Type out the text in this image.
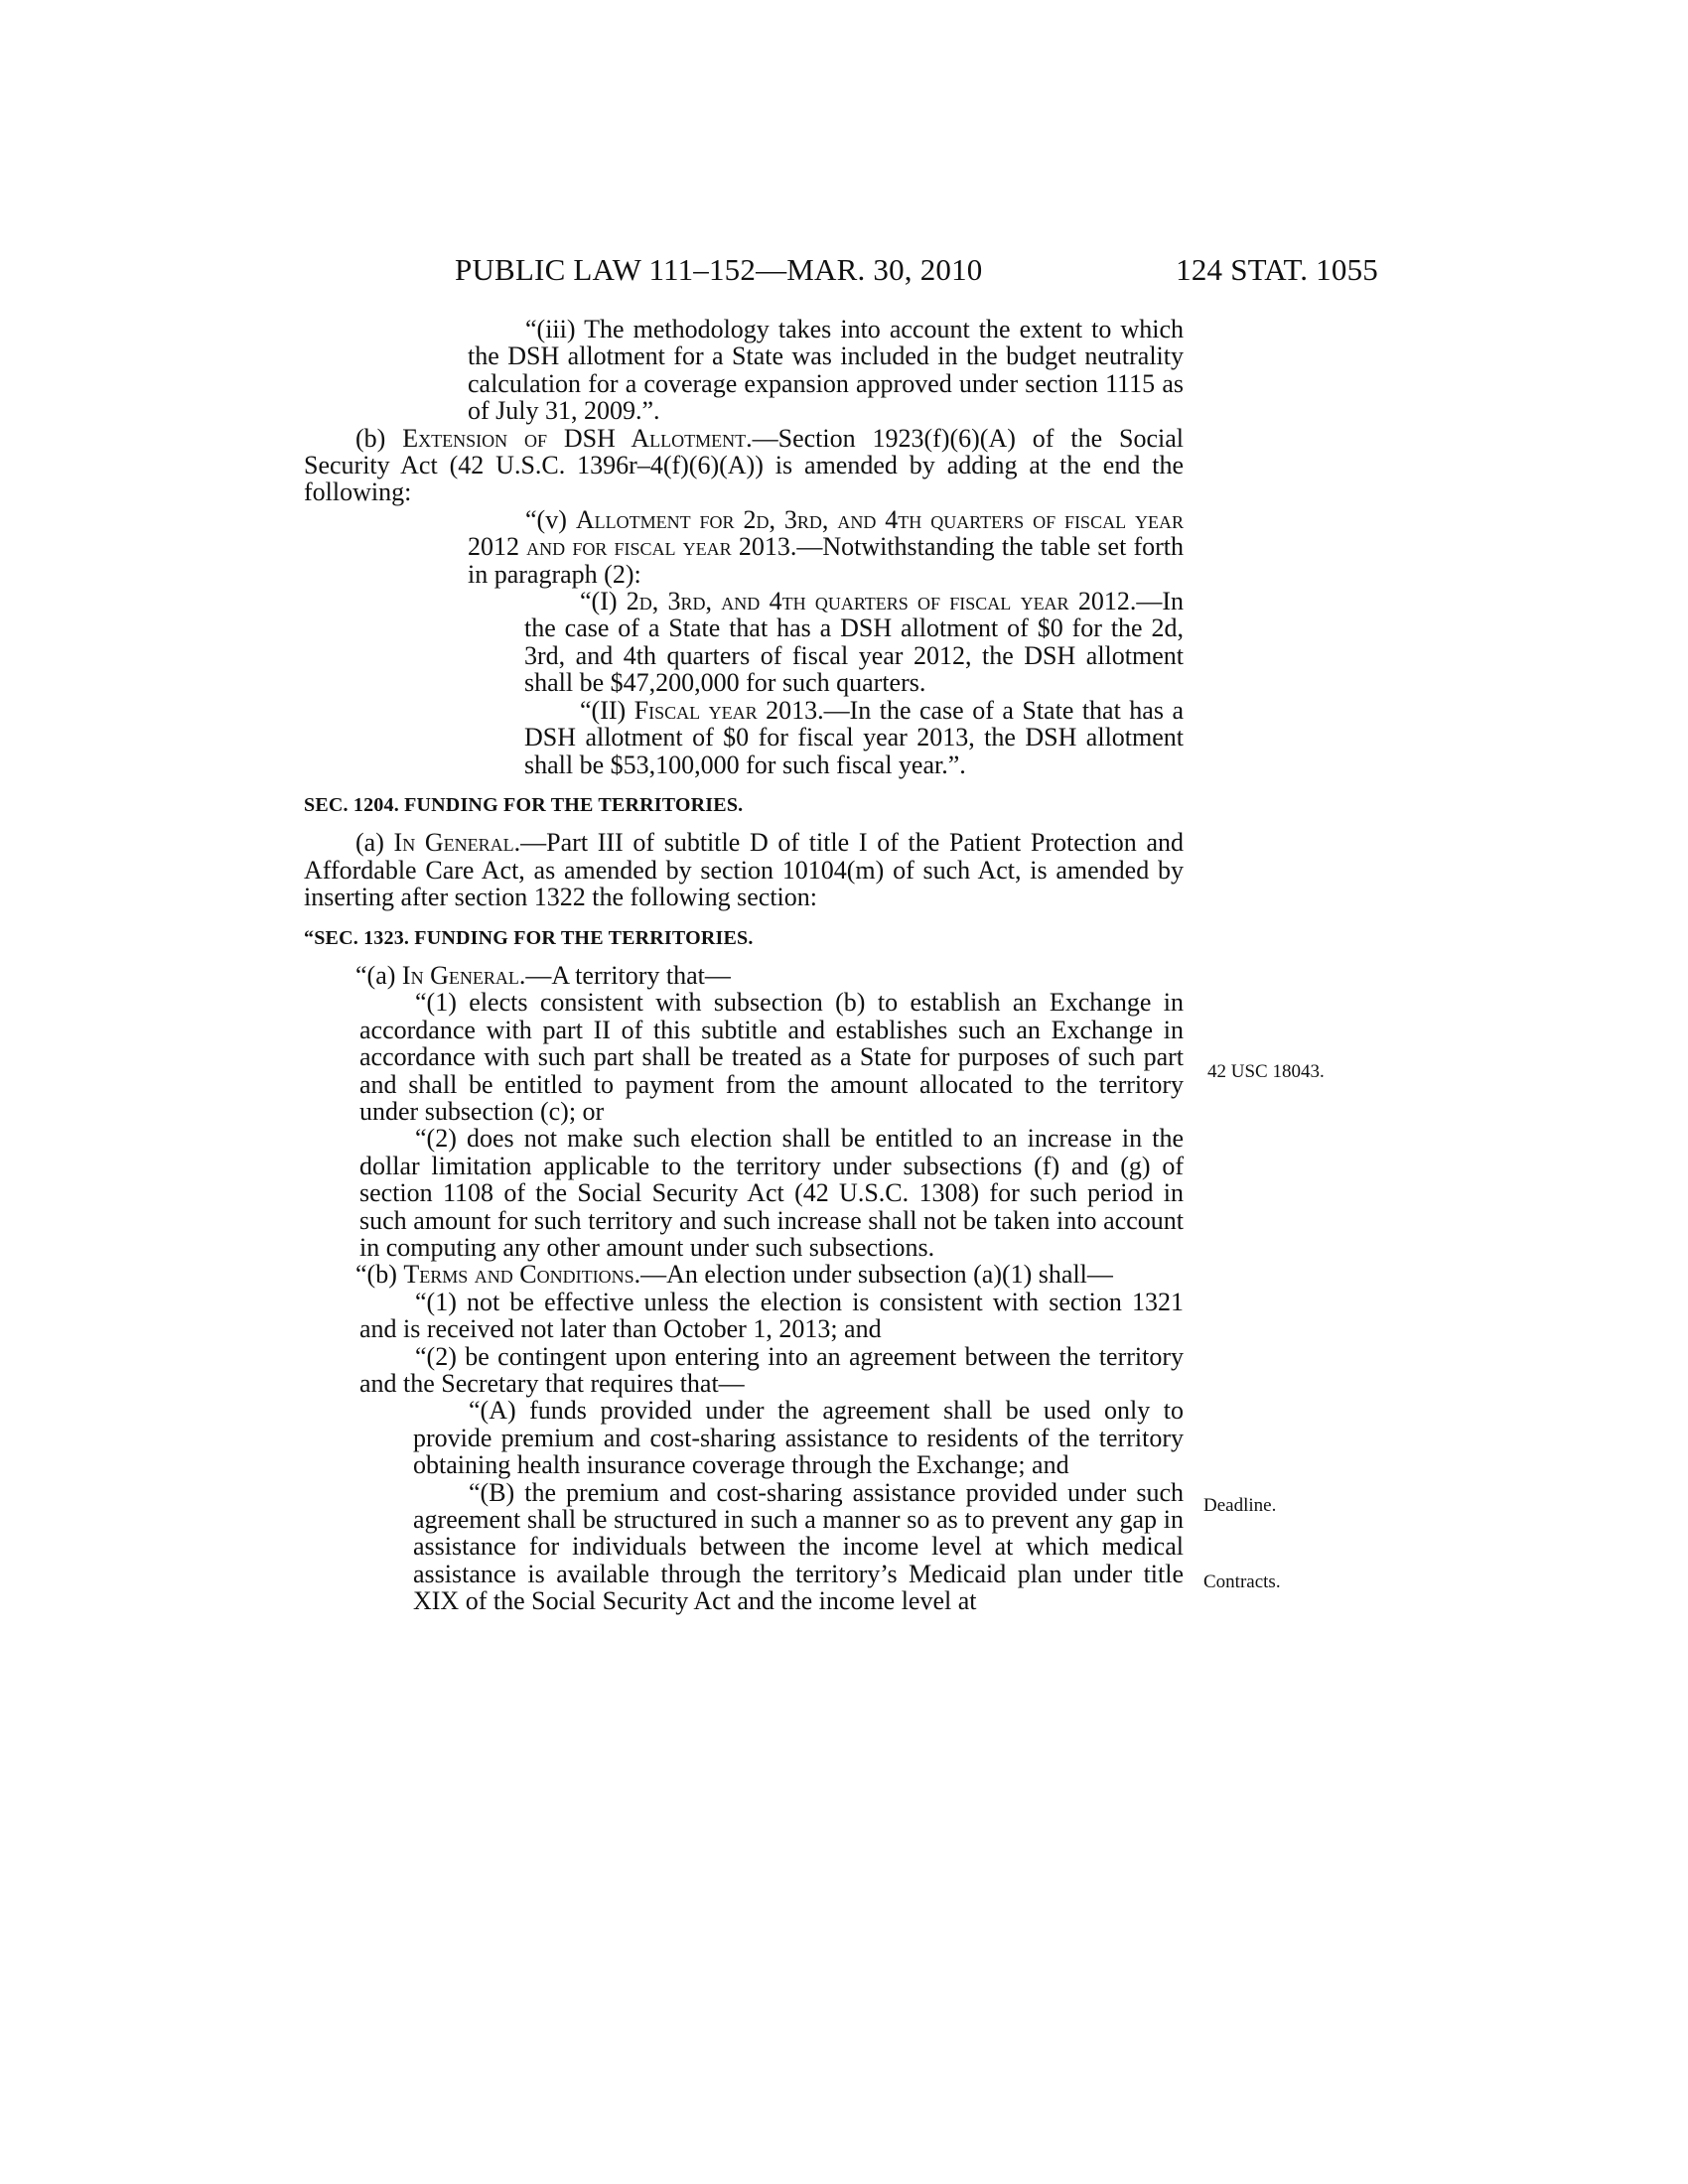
PUBLIC LAW 111–152—MAR. 30, 2010	124 STAT. 1055

“(iii) The methodology takes into account the extent to which the DSH allotment for a State was included in the budget neutrality calculation for a coverage expansion approved under section 1115 as of July 31, 2009.”.

(b) Extension of DSH Allotment.—Section 1923(f)(6)(A) of the Social Security Act (42 U.S.C. 1396r–4(f)(6)(A)) is amended by adding at the end the following:

“(v) Allotment for 2d, 3rd, and 4th quarters of fiscal year 2012 and for fiscal year 2013.—Notwithstanding the table set forth in paragraph (2):

“(I) 2d, 3rd, and 4th quarters of fiscal year 2012.—In the case of a State that has a DSH allotment of $0 for the 2d, 3rd, and 4th quarters of fiscal year 2012, the DSH allotment shall be $47,200,000 for such quarters.

“(II) Fiscal year 2013.—In the case of a State that has a DSH allotment of $0 for fiscal year 2013, the DSH allotment shall be $53,100,000 for such fiscal year.”.

SEC. 1204. FUNDING FOR THE TERRITORIES.

(a) In General.—Part III of subtitle D of title I of the Patient Protection and Affordable Care Act, as amended by section 10104(m) of such Act, is amended by inserting after section 1322 the following section:

“SEC. 1323. FUNDING FOR THE TERRITORIES.

“(a) In General.—A territory that—

“(1) elects consistent with subsection (b) to establish an Exchange in accordance with part II of this subtitle and establishes such an Exchange in accordance with such part shall be treated as a State for purposes of such part and shall be entitled to payment from the amount allocated to the territory under subsection (c); or

“(2) does not make such election shall be entitled to an increase in the dollar limitation applicable to the territory under subsections (f) and (g) of section 1108 of the Social Security Act (42 U.S.C. 1308) for such period in such amount for such territory and such increase shall not be taken into account in computing any other amount under such subsections.

“(b) Terms and Conditions.—An election under subsection (a)(1) shall—

“(1) not be effective unless the election is consistent with section 1321 and is received not later than October 1, 2013; and

“(2) be contingent upon entering into an agreement between the territory and the Secretary that requires that—

“(A) funds provided under the agreement shall be used only to provide premium and cost-sharing assistance to residents of the territory obtaining health insurance coverage through the Exchange; and

“(B) the premium and cost-sharing assistance provided under such agreement shall be structured in such a manner so as to prevent any gap in assistance for individuals between the income level at which medical assistance is available through the territory’s Medicaid plan under title XIX of the Social Security Act and the income level at

42 USC 18043.
Deadline.
Contracts.
